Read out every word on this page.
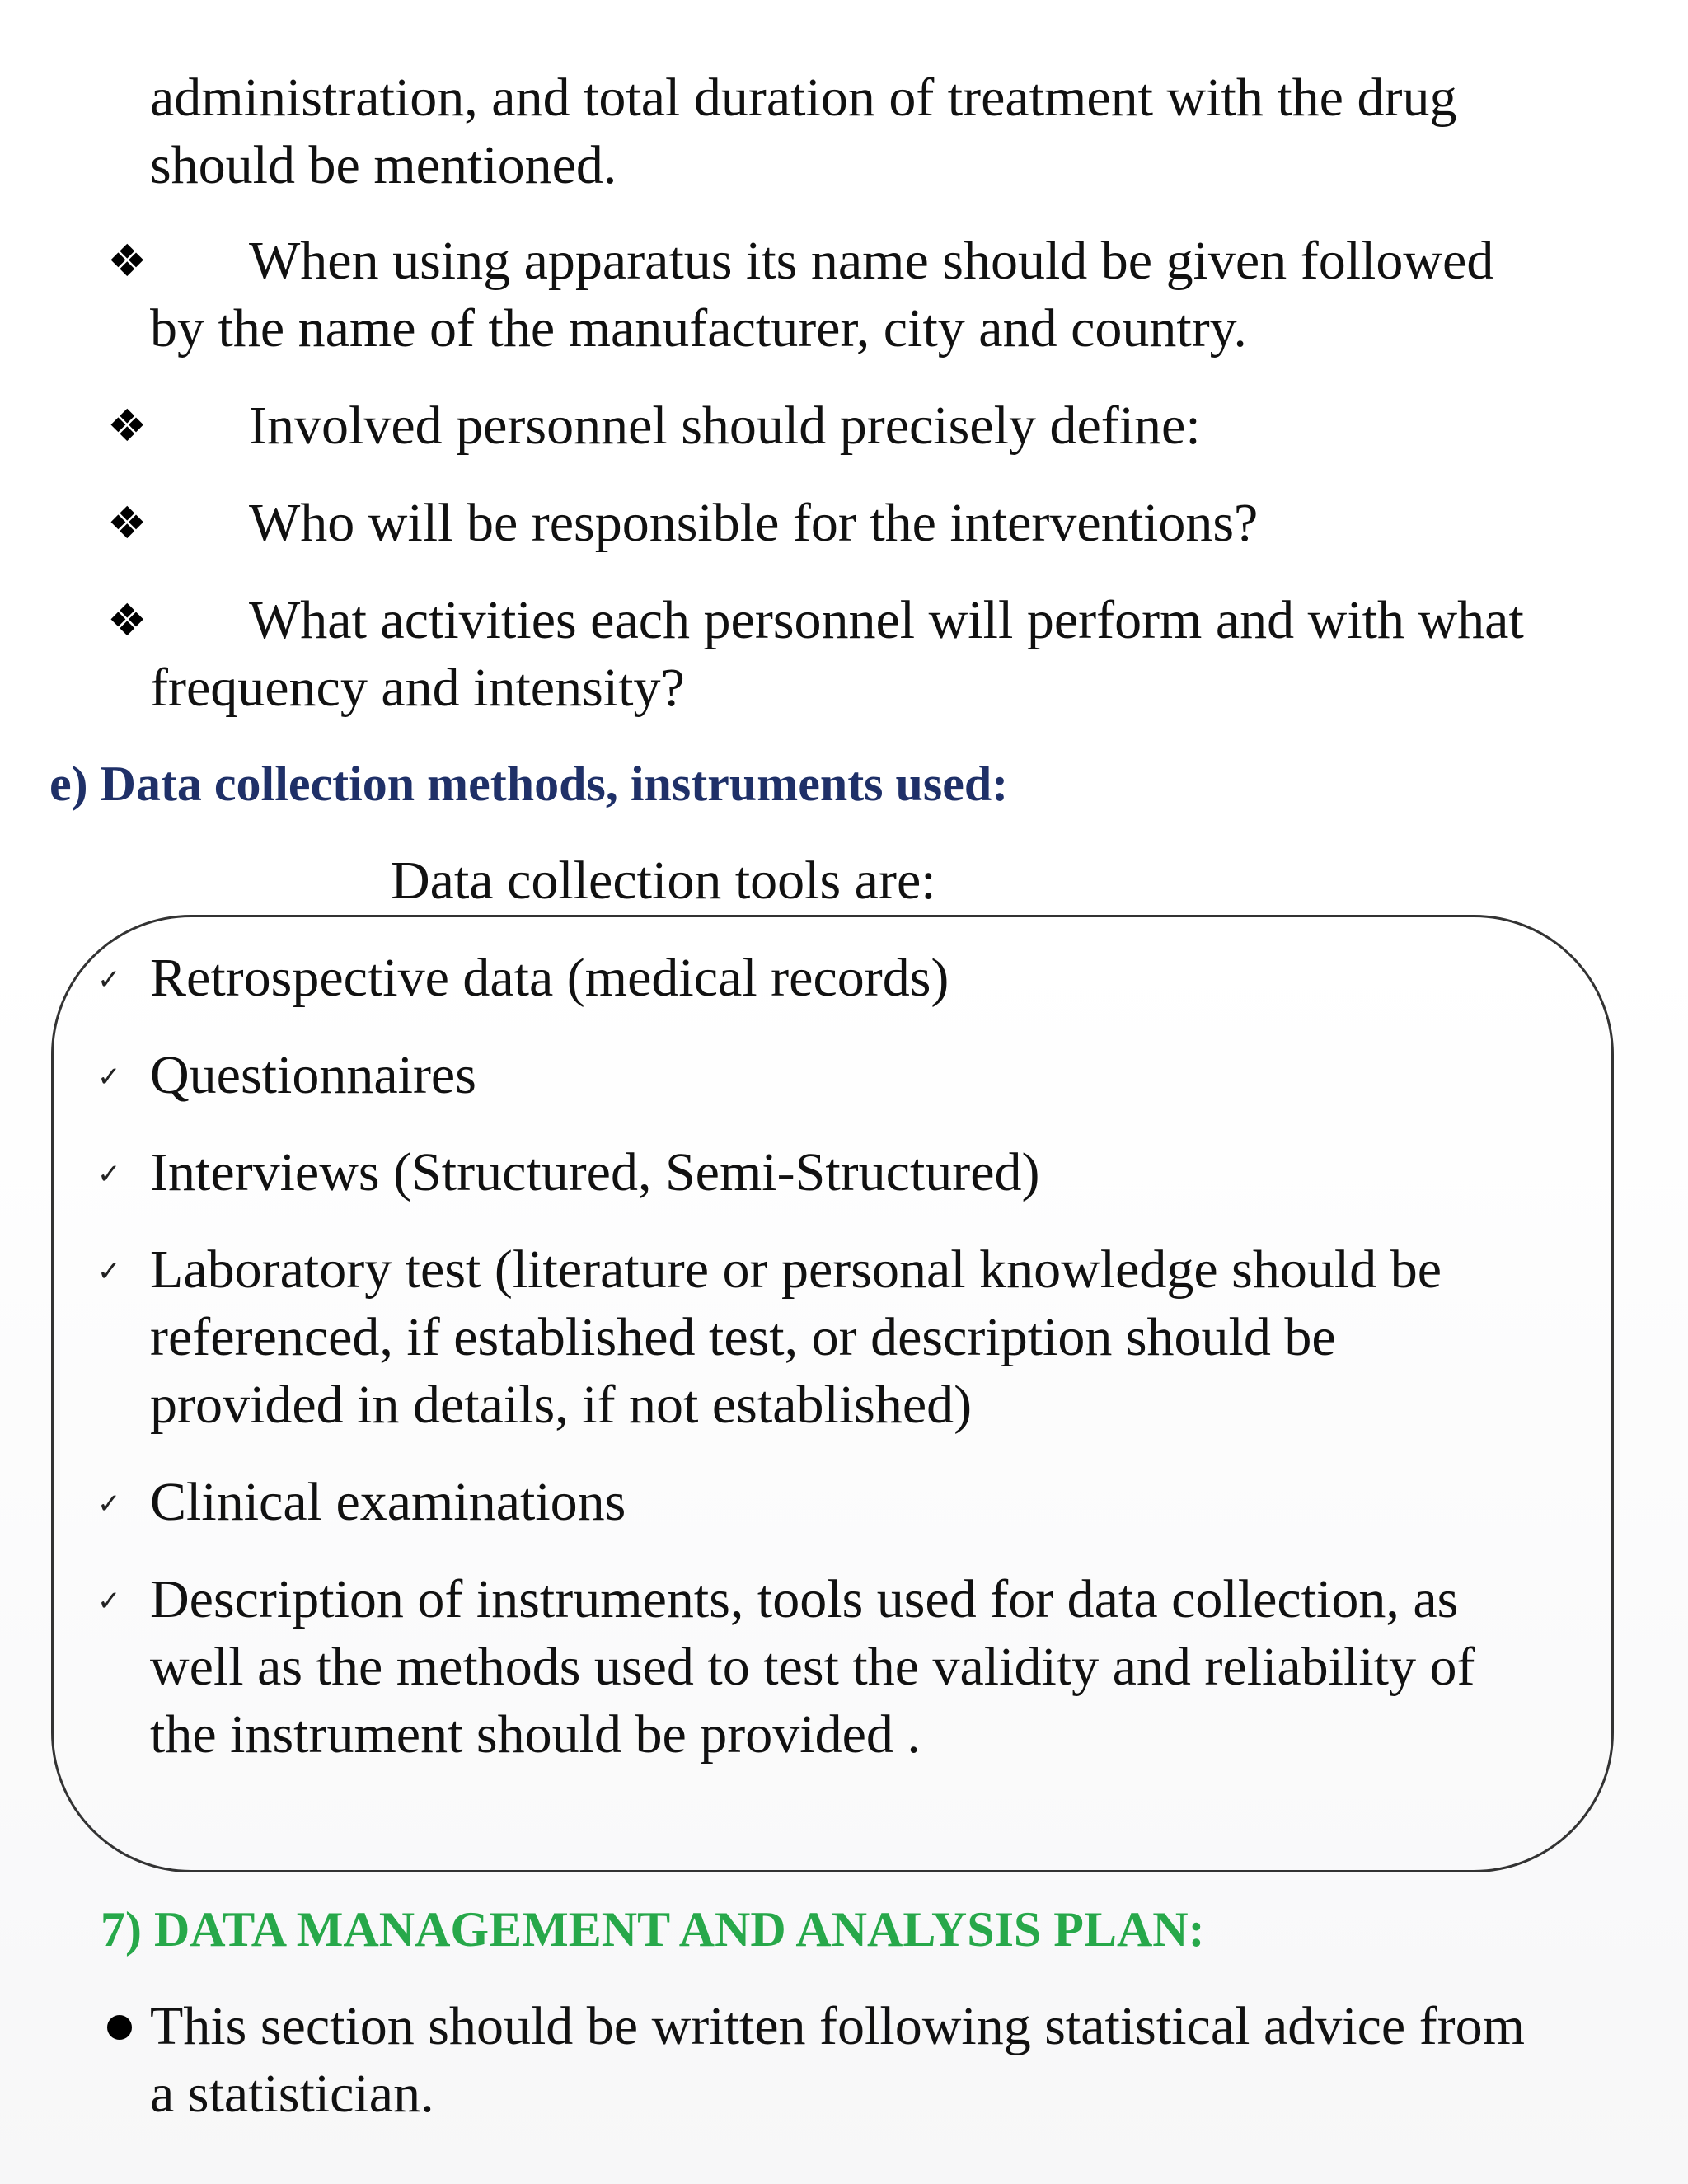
administration, and total duration of treatment with the drug
should be mentioned.
❖ When using apparatus its name should be given followed
by the name of the manufacturer, city and country.
❖ Involved personnel should precisely define:
❖ Who will be responsible for the interventions?
❖ What activities each personnel will perform and with what
frequency and intensity?
e) Data collection methods, instruments used:
Data collection tools are:
✓ Retrospective data (medical records)
✓ Questionnaires
✓ Interviews (Structured, Semi-Structured)
✓ Laboratory test (literature or personal knowledge should be
referenced, if established test, or description should be
provided in details, if not established)
✓ Clinical examinations
✓ Description of instruments, tools used for data collection, as
well as the methods used to test the validity and reliability of
the instrument should be provided .
7) DATA MANAGEMENT AND ANALYSIS PLAN:
This section should be written following statistical advice from
a statistician.
